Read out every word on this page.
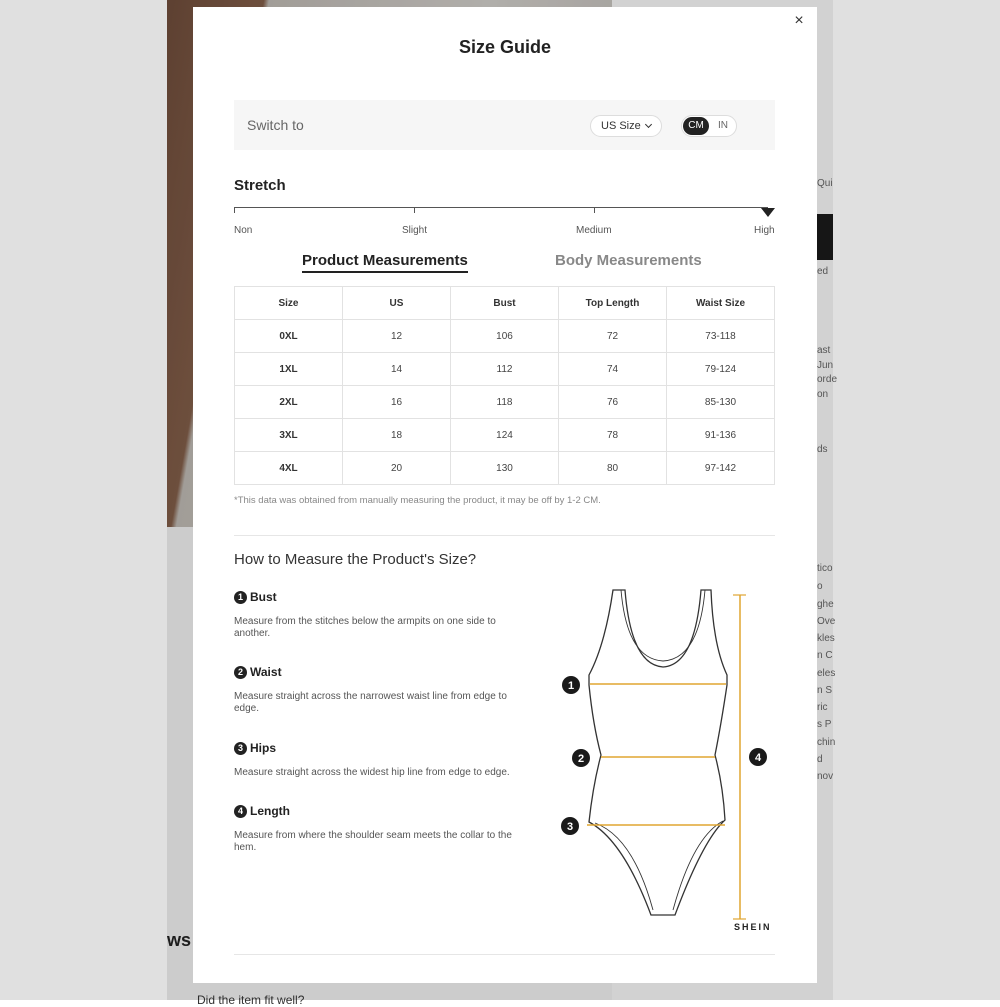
ws
Did the item fit well?
×
Size Guide
Switch to	US Size	CM	IN
Stretch
Non	Slight	Medium	High
Product Measurements	Body Measurements
Size	US	Bust	Top Length	Waist Size
0XL	12	106	72	73-118
1XL	14	112	74	79-124
2XL	16	118	76	85-130
3XL	18	124	78	91-136
4XL	20	130	80	97-142
*This data was obtained from manually measuring the product, it may be off by 1-2 CM.
How to Measure the Product's Size?
1 Bust
Measure from the stitches below the armpits on one side to another.
2 Waist
Measure straight across the narrowest waist line from edge to edge.
3 Hips
Measure straight across the widest hip line from edge to edge.
4 Length
Measure from where the shoulder seam meets the collar to the hem.
1
2
3
4
SHEIN
Qui
ed
ast
Jun
orde
on
ds
tico
o
ghe
Ove
kles
n C
eles
n S
ric
s P
chin
d
nov
